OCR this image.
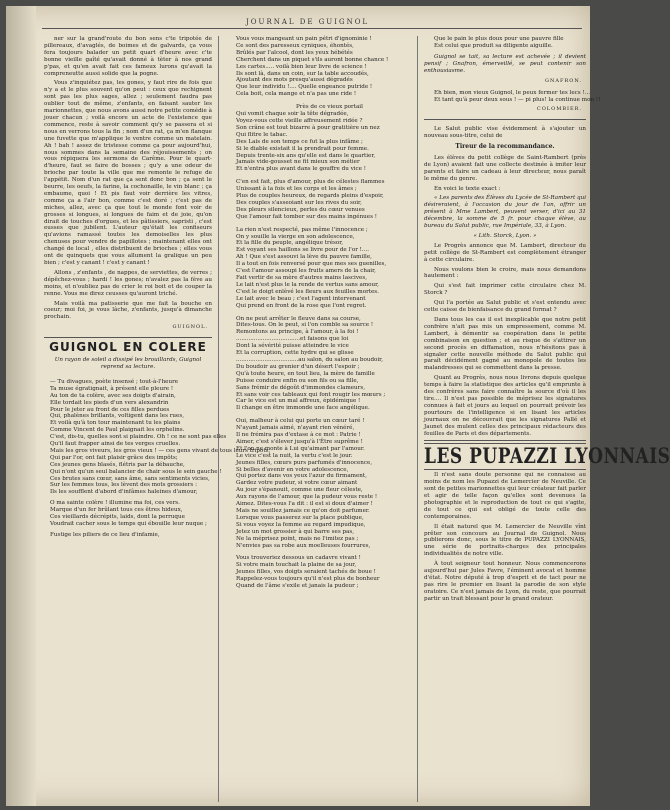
JOURNAL DE GUIGNOL

ner sur la grand'route du bon sens c'te tripotée de pillereaux, d'avaglés, de boimes et de galvards, ça vous fera toujours balader un petit quart d'heure avec c'te bonne vieille gaîté qu'avait donné à tèter à nos grand p'pas, et qu'en avait fait ces fameux lurons qu'avait la compreneutte aussi solide que la pogne.

Vous z'inquiétez pas, les gones, y faut rire de fois que n'y a et le plus souvent qu'on peut : ceux que rechignent sont pas les plus sages, allez ; seulement faudra pas oublier tout de même, z'enfants, en faisant sauter les marionnettes, que nous avons aussi notre petite comédie à jouer chacun ; voilà encore un acte de l'existence que commence, reste à savoir comment qu'y se passera et si nous en verrons tous la fin ; nom d'un rat, ça m'en flanque une fuvette que m'applique le ventre comme un matelain. Ah ! bah ! assez de tristesse comme ça pour aujourd'hui, nous sommes dans la semaine des réjouissements ; on vous répiquera les sermons de Carême. Pour le quart-d'heure, faut se faire de bosses ; qu'y a une odeur de brioche par toute la ville que me remonte le refuge de l'appétit. Nom d'un rat que ça sent donc bon ; ça sent le beurre, les oeufs, la farine, la cochonaille, le vin blanc ; ça embaume, quoi ! Et pis faut voir derrière les vitres, comme ça a l'air bon, comme c'est doré ; c'est pas de miches, allez, avec ça que tout le monde font voir de grosses si longues, si longues de faim et de joie, qu'on dirait de touches d'orgues, et les pâtissiers, sapristi , c'est eusses que jubilent. L'auteur qu'était les confiseurs qu'avions ramassé toutes les demoiselles les plus chenuses pour vendre de papillotes ; maintenant elles ont changé de local , elles distribuent de brioches ; elles vous ont de quinquets que vous allument la gralique un peu bien ; c'est y canant ! c'est y canant !

Allons , z'enfants , de nappes, de serviettes, de verres ; dépêchez-vous ; hardi ! les gones; n'avalez pas la fève au moins, et n'oubliez pas de crier le roi boit et de couper la renne. Vous me direz ceusses qu'auront triché.

Mais voilà ma patisserie que me fait la bouche en coeur; moi foi, je vous lâche, z'enfants, jusqu'à dimanche prochain.

GUIGNOL.
GUIGNOL EN COLERE
Un rayon de soleil a dissipé les brouillards, Guignol reprend sa lecture.

— Tu divagues, poète insensé ; tout-à-l'heure

Ta muse égratignait, à présent elle pleure !

Au ton de ta colère, avec ses doigts d'airain,

Elle tordait les pieds d'un vers alexandrin

Pour le jeter au front de ces filles perdues

Qui, phalènes brillants, voltigent dans les rues,

Et voilà qu'à ton tour maintenant tu les plains

Comme Vincent de Paul plaignait les orphelins.

C'est, dis-tu, quelles sont si plaindre. Oh ! ce ne sont pas elles

Qu'il faut frapper ainsi de tes verges cruelles.

Mais les gros viveurs, les gros vieux ! — ces gens vivant de tous leurs tripots,

Qui par l'or, ont fait plaisir grâce des impôts;

Ces jeunes gens blasés, flétris par la débauche,

Qui n'ont qu'un seul balancier de chair sous le sein gauche !

Ces brutes sans cœur, sans âme, sans sentiments vicies,

Sur les femmes tous, les lèvent des mots grossiers :

Ils les soufflent d'abord d'infâmes haleines d'amour,

O ma sainte colère ! illumine ma foi, ces vers.

Marque d'un fer brûlant tous ces êtres hideux,

Ces vieillards décrépits, laids, dont la perruque

Voudrait cacher sous le temps qui ébouille leur nuque ;

Fustige les piliers de ce lieu d'infamie,

Vous vous mangeant un pain pétri d'ignominie !

Ce sont des paresseux cyniques, éhontés,

Brûlés par l'alcool, dont les yeux hébétés

Cherchent dans un piquet s'ils auront bonne chance !

Les cartes..... voilà bien leur livre de science !

Ils sont là, dans un coin, sur la table accoudés,

Ajoutant des mots presqu'aussi dégradés

Que leur individu !.... Quelle engeance putride !

Cela boit, cela mange et n'a pas une ride !

Près de ce vieux portail

Qui vomit chaque soir la tête dégradée,

Voyez-vous cette vieille affreusement ridée ?

Son crâne est tout bizarre à pour gratitière un nez

Qui flitre le tabac.

Des Lais de son temps ce fut la plus infâme ;

Si le diable existait il la prendrait pour femme.

Depuis trente-six ans qu'elle est dans le quartier,

Jamais vide-gousset ne fit mieux son métier

Et n'entra plus avant dans le gouffre du vice !

C'en est fait, plus d'amour, plus de célestes flammes

Unissant à la fois et les corps et les âmes ;

Plus de couples heureux, de regards pleins d'espoir,

Des couples s'asseoiant sur les rives du soir,

Des pleurs silencieux, perles du cœur venues

Que l'amour fait tomber sur des mains ingénues !

La rien n'est respecté, pas même l'innocence ;

On y souille la vierge en son adolescence,

Et la fille du peuple, angélique trésor,

Est voyant ses haillons se livre pour de l'or !....

Ah ! Que s'est assouvi la lève du pauvre famille,

Il a tout en fois renversé pour que mes ses guenilles,

C'est l'amour assoupi les fruits amers de la chair,

Fait vertir de sa mère d'autres mains lascives,

Le lait n'est plus le la rende de vertus sans amour,

C'est le doigt enlèvé les fleurs aux feuilles mortes.

Le lait avec le beau ; c'est l'agent intervenant

Qui prend en front de la rose que l'ont regret.

On ne peut arrêter le fleuve dans sa course,

Dites-tous. On le peut, si l'on comble sa source !

Remontons au principe, à l'amour, à la foi !

....................................et faisons que loi

Dont la sévérité puisse atteindre le vice

Et la corruption, cette hydre qui se glisse

...................................au salon, du salon au boudoir,

Du boudoir au grenier d'un désert l'espoir ;

Qu'à toute heure, en tout lieu, la mère de famille

Puisse conduire enfin ou son fils ou sa fille,

Sans frémir de dégoût d'immondes clameurs,

Et sans voir ces tableaux qui font rougir les mœurs ;

Car le vice est un mal affreux, épidémique !

Il change en être immonde une face angélique.

Oui, malheur à celui qui porte un cœur taré !

N'ayant jamais aimé, n'ayant rien vénéré,

Il ne frémira pas d'extase à ce mot : Patrie !

Aimer, c'est s'élever jusqu'à l'Être suprême !

Et l'on ne monte à Lui qu'aimant par l'amour.

Le vice c'est la nuit, la vertu c'est le jour.

Jeunes filles, cœurs purs parfumés d'innocence,

Si belles d'avenir en votre adolescence,

Qui portez dans vos yeux l'azur du firmament,

Gardez votre pudeur, si votre cœur aimant

Au jour s'épanouit, comme une fleur céleste,

Aux rayons de l'amour, que la pudeur vous reste !

Aimez. Dites-vous l'a dit : il est si doux d'aimer !

Mais ne souillez jamais ce qu'on doit parfumer.

Lorsque vous passerez sur la place publique,

Si vous voyez la femme au regard impudique,

Jetez un mot grossier à qui barre ses pas,

Ne la méprisez point, mais ne l'imitez pas ;

N'envies pas sa robe aux moelleuses fourrures,

Vous trouveriez dessous un cadavre vivant !

Si votre main touchait la plaine de sa jour,

Jeunes filles, vos doigts seraient tachés de boue !

Rappelez-vous toujours qu'il n'est plus de bonheur

Quand de l'âme s'exile et janais la pudeur ;

Que le pain le plus doux pour une pauvre fille

Est celui que produit sa diligente aiguille.

Guignol se tait, sa lecture est achevée ; il devient pensif ; Gnafron, émerveillé, se peut contenir son enthousiasme.

GNAFRON.

Eh bien, mon vieux Guignol, le peux fermer tes lecs !...

Et tant qu'à peur deux sous ! — pi plus! la continue mon !!

COLOMBIER.

Le Salut public vise évidemment à s'ajouter un nouveau sous-titre, celui de

Tireur de la recommandance.

Les élèves du petit collège de Saint-Rambert (près de Lyon) avaient fait une collecte destinée à imiter leur parents et faire un cadeau à leur directeur, nous paraît le même du genre.

En voici le texte exact :

« Les parents des Élèves du Lycée de St-Rambert qui désireraient, à l'occasion du jour de l'an, offrir un présent à Mme Lambert, peuvent verser, d'ici au 31 décembre, la somme de 5 fr. pour chaque élève, au bureau du Salut public, rue Impériale, 33, à Lyon.

« Lith. Storck, Lyon. »

Le Progrès annonce que M. Lambert, directeur du petit collège de St-Rambert est complètement étranger à cette circulaire.

Nous voulons bien le croire, mais nous demandons hautement :

Qui s'est fait imprimer cette circulaire chez M. Storck ?

Qui l'a portée au Salut public et s'est entendu avec cette caisse de bienfaisance du grand format ?

Dans tous les cas il est inexplicable que notre petit confrère n'ait pas mis un empressement, comme M. Lambert, à démentir sa coopération dans le petite combinaison en question ; et au risque de s'attirer un second procès en diffamation, nous n'hésitons pas à signaler cette nouvelle méthode du Salut public qui paraît décidément gagné au monopole de toutes les malandresses qui se commettent dans la presse.

Quant au Progrès, nous nous livrons depuis quelque temps à faire la statistique des articles qu'il emprunte à des confrères sans faire connaître la source d'où il les tire.... Il n'est pas possible de méprisez les signatures connues à fait et jours au lequel on pourrait prévoir les pourtours de l'intelligence si en lisant les articles journaux on ne découvrait que les signatures Pallé et Jaunet des mulent celles des principaux rédacteurs des feuilles de Paris et des départements.

LES PUPAZZI LYONNAIS

Il n'est sans doute personne qui ne connaisse au moins de nom les Pupazzi de Lemercier de Neuville. Ce sont de petites marionnettes qui leur créateur fait parler et agir de telle façon qu'elles sont devenues la photographie et le reproduction de tout ce qui s'agite, de tout ce qui est obligé de toute celle des contemporaines.

Il était naturel que M. Lemercier de Neuville vînt prêter son concours au Journal de Guignol. Nous publierons donc, sous le titre de PUPAZZI LYONNAIS, une série de portraits-charges des principales individualités de notre ville.

À tout seigneur tout honneur. Nous commencerons aujourd'hui par Jules Favre, l'éminent avocat et homme d'état. Notre député à trop d'esprit et de tact pour ne pas rire le premier en lisant la parodie de son style oratoire. Ce n'est jamais de Lyon, du reste, que pourrait partir un trait blessant pour le grand orateur.
